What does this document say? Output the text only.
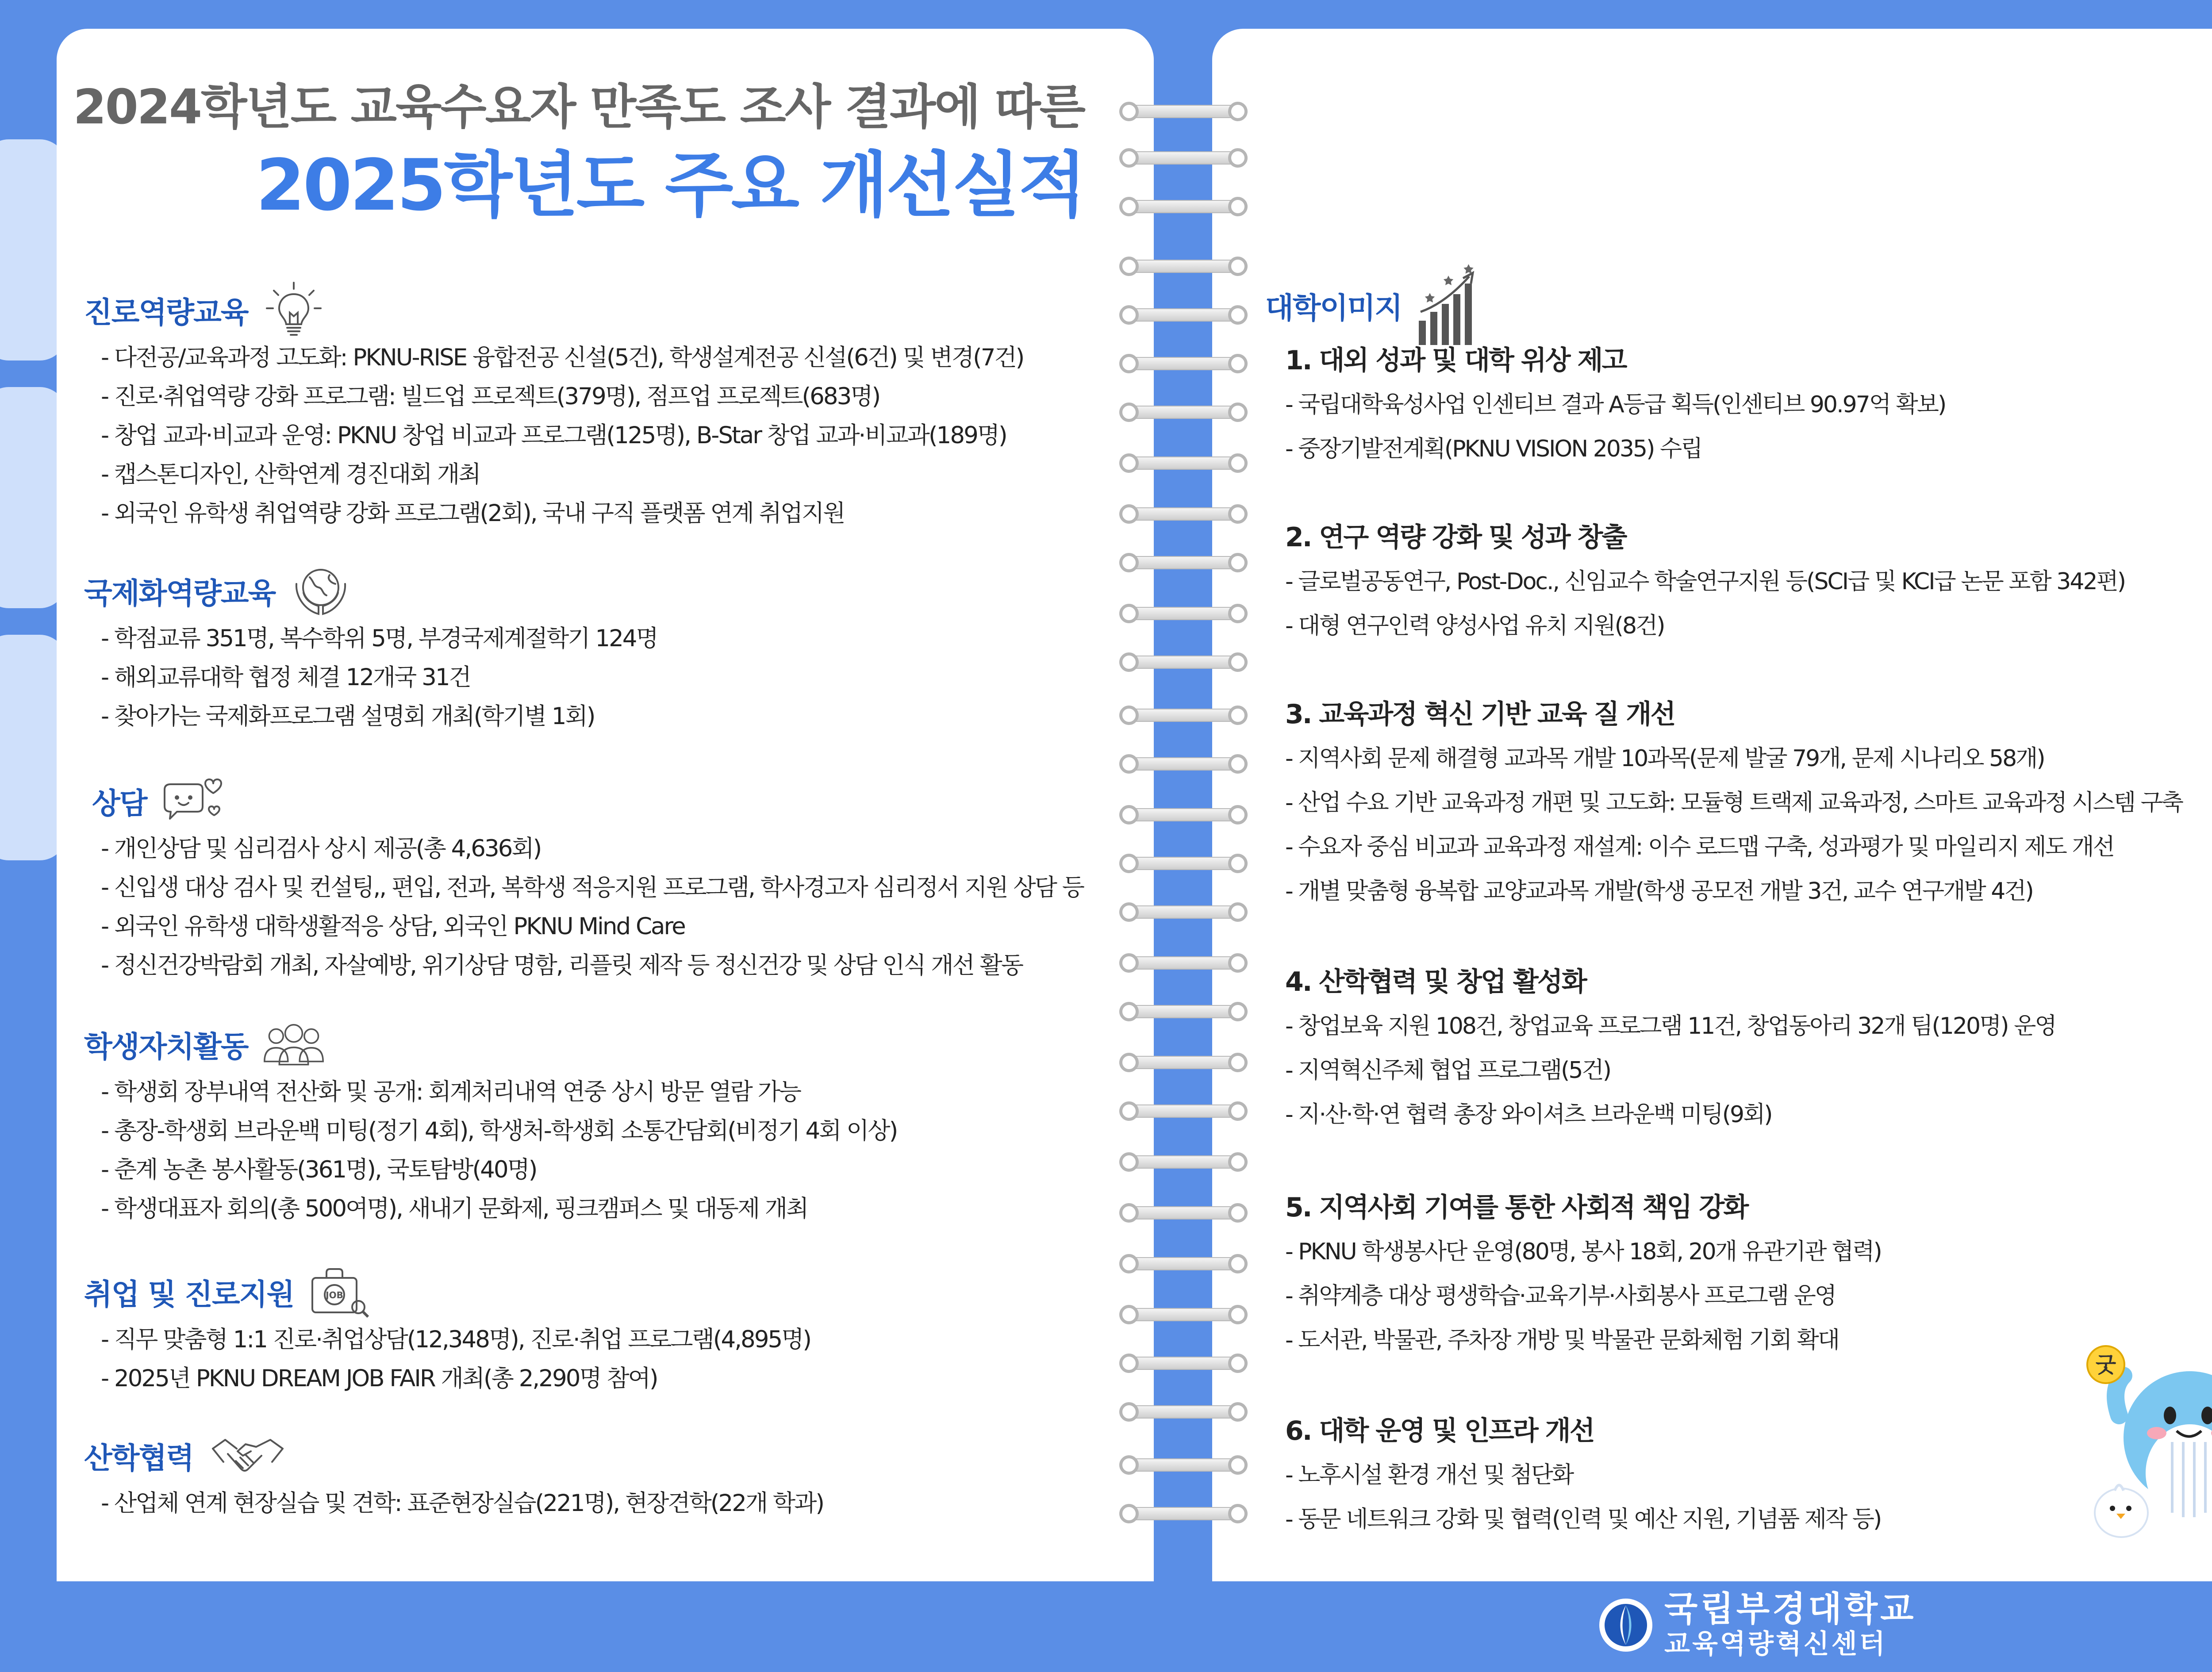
2024학년도 교육수요자 만족도 조사 결과에 따른
2025학년도 주요 개선실적
진로역량교육
- 다전공/교육과정 고도화: PKNU-RISE 융합전공 신설(5건), 학생설계전공 신설(6건) 및 변경(7건)
- 진로·취업역량 강화 프로그램: 빌드업 프로젝트(379명), 점프업 프로젝트(683명)
- 창업 교과·비교과 운영: PKNU 창업 비교과 프로그램(125명), B-Star 창업 교과·비교과(189명)
- 캡스톤디자인, 산학연계 경진대회 개최
- 외국인 유학생 취업역량 강화 프로그램(2회), 국내 구직 플랫폼 연계 취업지원
국제화역량교육
- 학점교류 351명, 복수학위 5명, 부경국제계절학기 124명
- 해외교류대학 협정 체결 12개국 31건
- 찾아가는 국제화프로그램 설명회 개최(학기별 1회)
상담
- 개인상담 및 심리검사 상시 제공(총 4,636회)
- 신입생 대상 검사 및 컨설팅,, 편입, 전과, 복학생 적응지원 프로그램, 학사경고자 심리정서 지원 상담 등
- 외국인 유학생 대학생활적응 상담, 외국인 PKNU Mind Care
- 정신건강박람회 개최, 자살예방, 위기상담 명함, 리플릿 제작 등 정신건강 및 상담 인식 개선 활동
학생자치활동
- 학생회 장부내역 전산화 및 공개: 회계처리내역 연중 상시 방문 열람 가능
- 총장-학생회 브라운백 미팅(정기 4회), 학생처-학생회 소통간담회(비정기 4회 이상)
- 춘계 농촌 봉사활동(361명), 국토탐방(40명)
- 학생대표자 회의(총 500여명), 새내기 문화제, 핑크캠퍼스 및 대동제 개최
취업 및 진로지원	JOB
- 직무 맞춤형 1:1 진로·취업상담(12,348명), 진로·취업 프로그램(4,895명)
- 2025년 PKNU DREAM JOB FAIR 개최(총 2,290명 참여)
산학협력
- 산업체 연계 현장실습 및 견학: 표준현장실습(221명), 현장견학(22개 학과)
대학이미지
1. 대외 성과 및 대학 위상 제고
- 국립대학육성사업 인센티브 결과 A등급 획득(인센티브 90.97억 확보)
- 중장기발전계획(PKNU VISION 2035) 수립
2. 연구 역량 강화 및 성과 창출
- 글로벌공동연구, Post-Doc., 신임교수 학술연구지원 등(SCI급 및 KCI급 논문 포함 342편)
- 대형 연구인력 양성사업 유치 지원(8건)
3. 교육과정 혁신 기반 교육 질 개선
- 지역사회 문제 해결형 교과목 개발 10과목(문제 발굴 79개, 문제 시나리오 58개)
- 산업 수요 기반 교육과정 개편 및 고도화: 모듈형 트랙제 교육과정, 스마트 교육과정 시스템 구축
- 수요자 중심 비교과 교육과정 재설계: 이수 로드맵 구축, 성과평가 및 마일리지 제도 개선
- 개별 맞춤형 융복합 교양교과목 개발(학생 공모전 개발 3건, 교수 연구개발 4건)
4. 산학협력 및 창업 활성화
- 창업보육 지원 108건, 창업교육 프로그램 11건, 창업동아리 32개 팀(120명) 운영
- 지역혁신주체 협업 프로그램(5건)
- 지·산·학·연 협력 총장 와이셔츠 브라운백 미팅(9회)
5. 지역사회 기여를 통한 사회적 책임 강화
- PKNU 학생봉사단 운영(80명, 봉사 18회, 20개 유관기관 협력)
- 취약계층 대상 평생학습·교육기부·사회봉사 프로그램 운영
- 도서관, 박물관, 주차장 개방 및 박물관 문화체험 기회 확대
6. 대학 운영 및 인프라 개선
- 노후시설 환경 개선 및 첨단화
- 동문 네트워크 강화 및 협력(인력 및 예산 지원, 기념품 제작 등)
굿
국립부경대학교
교육역량혁신센터
